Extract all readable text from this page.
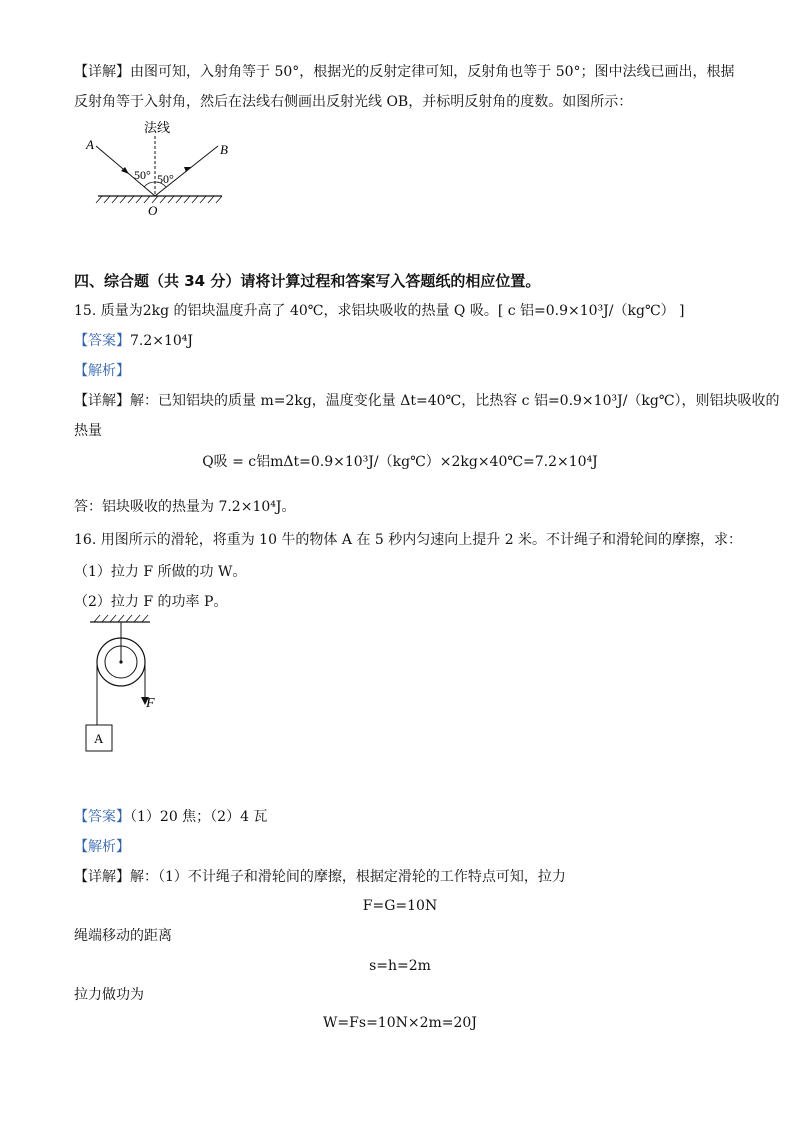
【详解】由图可知，入射角等于 50°，根据光的反射定律可知，反射角也等于 50°；图中法线已画出，根据
反射角等于入射角，然后在法线右侧画出反射光线 OB，并标明反射角的度数。如图所示：
法线
A	B
O
50° 50°
四、综合题（共 34 分）请将计算过程和答案写入答题纸的相应位置。
15. 质量为2kg 的铝块温度升高了 40℃，求铝块吸收的热量 Q 吸。[ c 铝=0.9×10³J/（kg℃） ]
【答案】7.2×10⁴J
【解析】
【详解】解：已知铝块的质量 m=2kg，温度变化量 Δt=40℃，比热容 c 铝=0.9×10³J/（kg℃），则铝块吸收的
热量
Q吸 = c铝mΔt=0.9×10³J/（kg℃）×2kg×40℃=7.2×10⁴J
答：铝块吸收的热量为 7.2×10⁴J。
16. 用图所示的滑轮，将重为 10 牛的物体 A 在 5 秒内匀速向上提升 2 米。不计绳子和滑轮间的摩擦，求：
（1）拉力 F 所做的功 W。
（2）拉力 F 的功率 P。
F
A
【答案】（1）20 焦；（2）4 瓦
【解析】
【详解】解：（1）不计绳子和滑轮间的摩擦，根据定滑轮的工作特点可知，拉力
F=G=10N
绳端移动的距离
s=h=2m
拉力做功为
W=Fs=10N×2m=20J
